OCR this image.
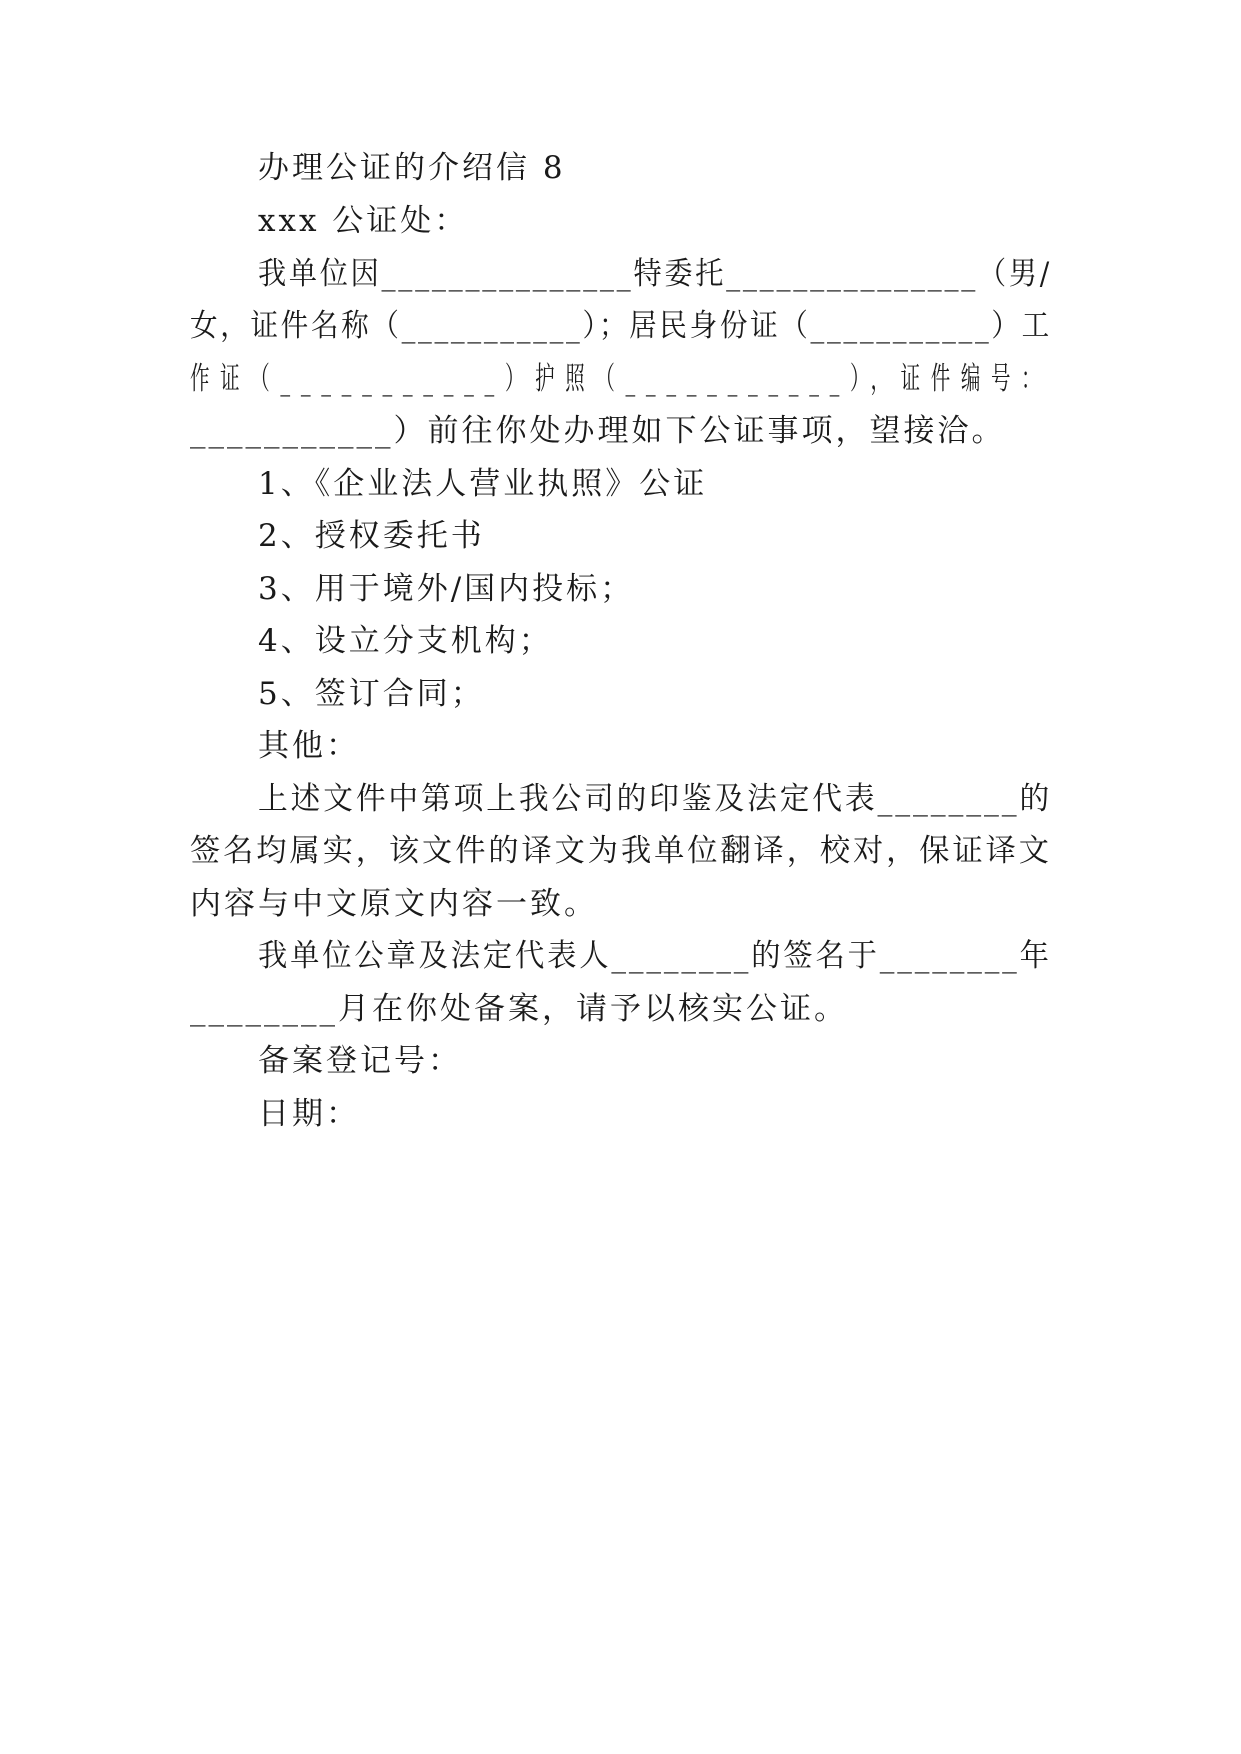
办理公证的介绍信 8
xxx 公证处：
我单位因_______________特委托_______________（男/
女，证件名称（___________）；居民身份证（___________）工
作证（___________）护照（___________），证件编号：
___________）前往你处办理如下公证事项，望接洽。
1、《企业法人营业执照》公证
2、授权委托书
3、用于境外/国内投标；
4、设立分支机构；
5、签订合同；
其他：
上述文件中第项上我公司的印鉴及法定代表________的
签名均属实，该文件的译文为我单位翻译，校对，保证译文
内容与中文原文内容一致。
我单位公章及法定代表人________的签名于________年
________月在你处备案，请予以核实公证。
备案登记号：
日期：
